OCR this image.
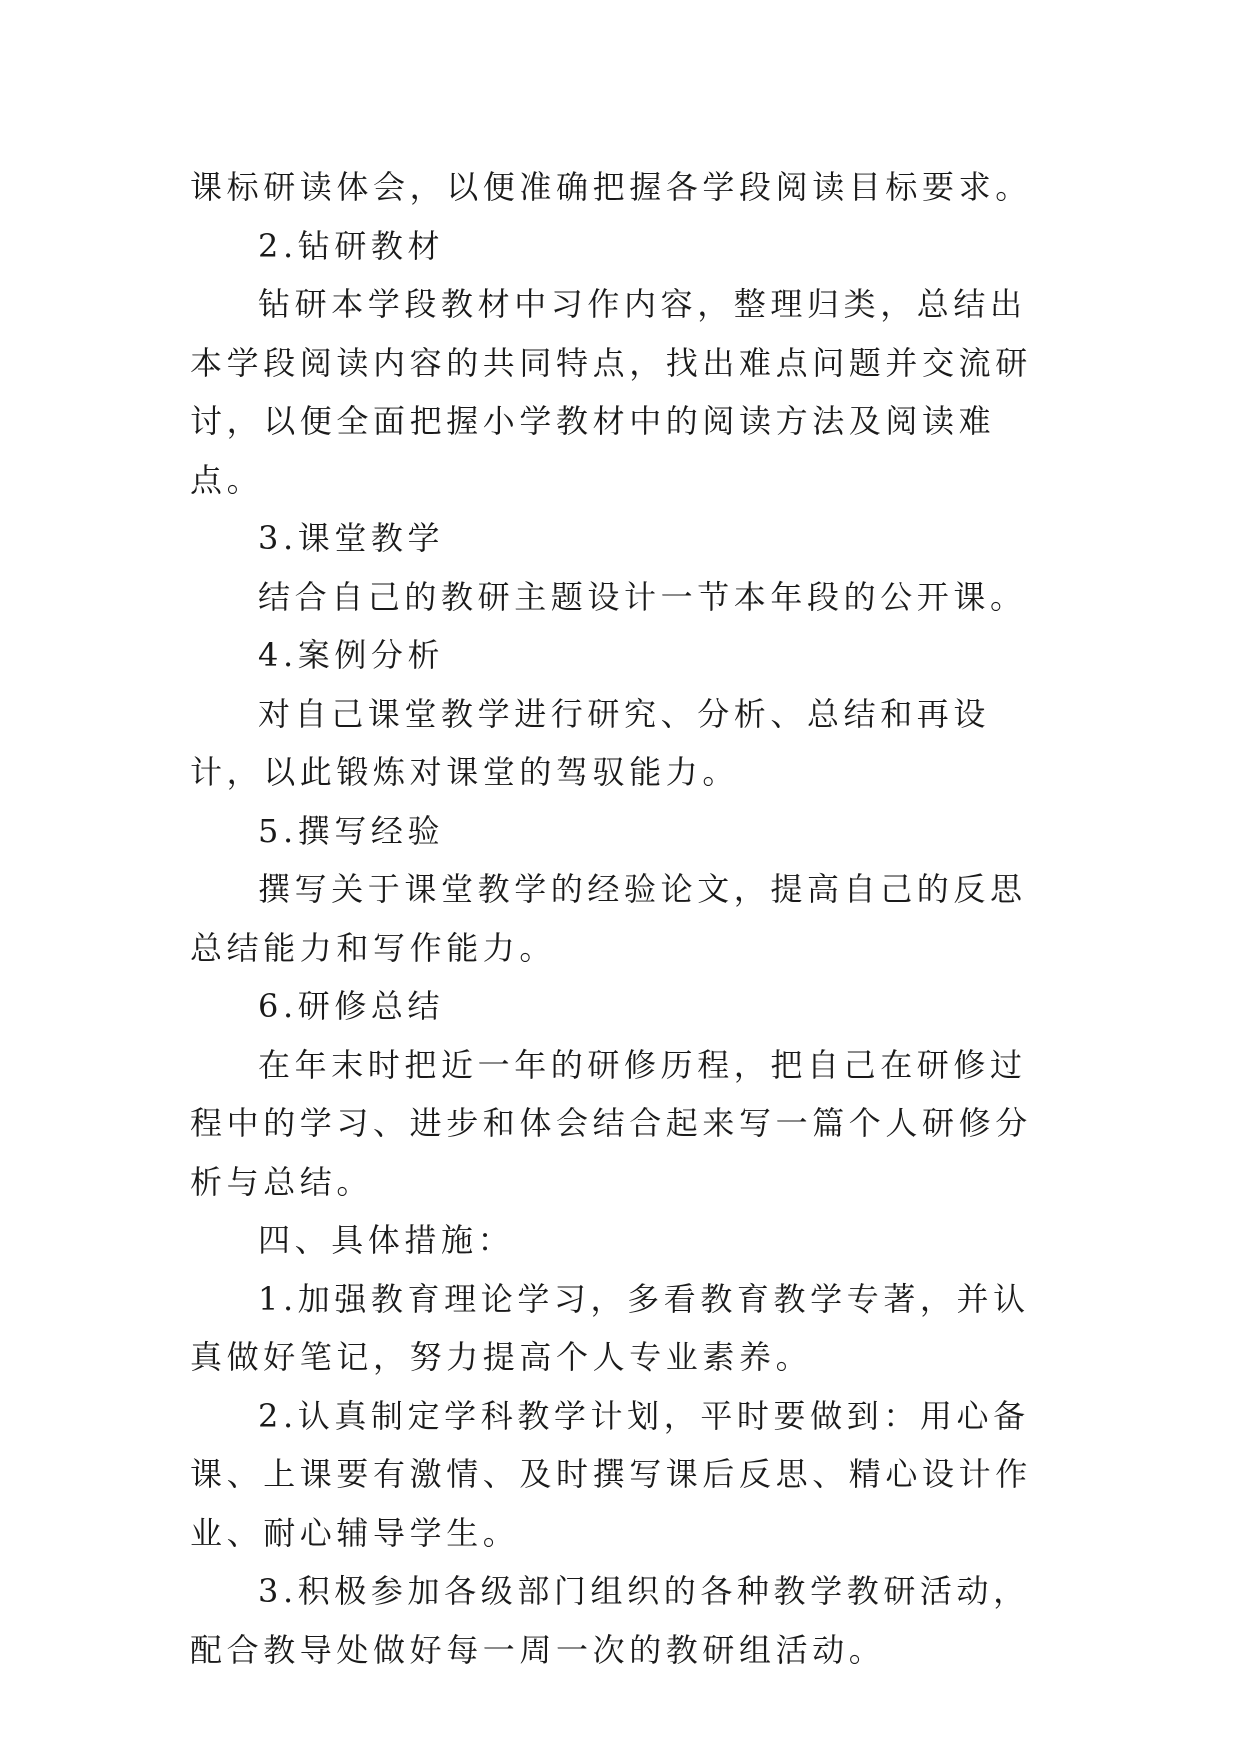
课标研读体会，以便准确把握各学段阅读目标要求。

2.钻研教材

钻研本学段教材中习作内容，整理归类，总结出本学段阅读内容的共同特点，找出难点问题并交流研讨，以便全面把握小学教材中的阅读方法及阅读难点。

3.课堂教学

结合自己的教研主题设计一节本年段的公开课。

4.案例分析

对自己课堂教学进行研究、分析、总结和再设计，以此锻炼对课堂的驾驭能力。

5.撰写经验

撰写关于课堂教学的经验论文，提高自己的反思总结能力和写作能力。

6.研修总结

在年末时把近一年的研修历程，把自己在研修过程中的学习、进步和体会结合起来写一篇个人研修分析与总结。

四、具体措施：

1.加强教育理论学习，多看教育教学专著，并认真做好笔记，努力提高个人专业素养。

2.认真制定学科教学计划，平时要做到：用心备课、上课要有激情、及时撰写课后反思、精心设计作业、耐心辅导学生。

3.积极参加各级部门组织的各种教学教研活动，配合教导处做好每一周一次的教研组活动。
